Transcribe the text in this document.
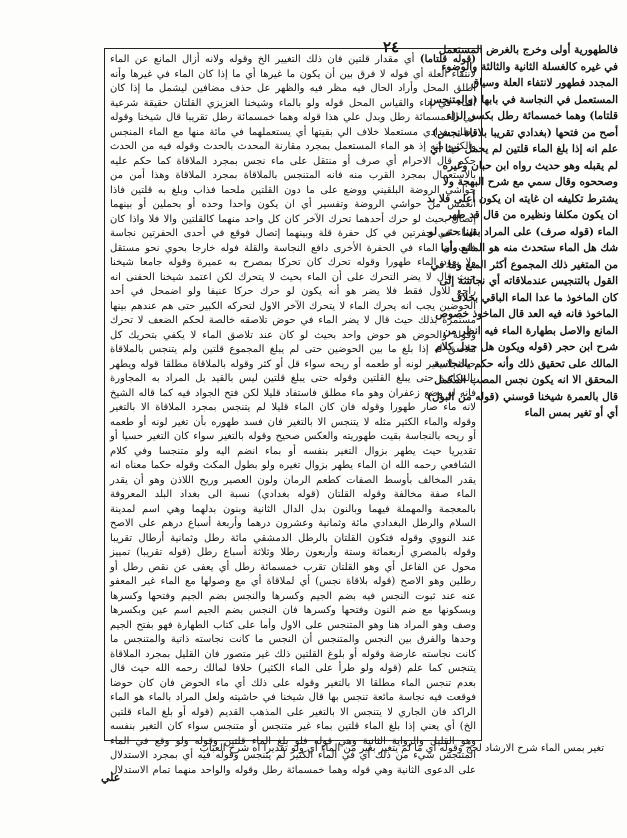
٢٤	فالطهورية أولى وخرج بالغرض المستعمل في غيره كالغسلة الثانية والثالثة والوضوء المجدد فطهور لانتفاء العلة وسياق المستعمل في النجاسة في بابها (والمتنجس قلتاما) وهما خمسمائة رطل بكسر الراء أصح من فتحها (بغدادي تقريبا بلاقاة نجس) علم انه إذا بلغ الماء قلتين لم يحمل خبثا أي لم يقبله وهو حديث رواه ابن حبان وغيره وصححوه وقال سمي مع شرح البهجة ولا يشترط تكليفه ان غايته ان يكون أعلى فلا بد ان يكون مكلفا ونظيره من قال قد طهر الماء (قوله صرف) على المراد بقينا حتى لو شك هل الماء ستحدث منه هو المانع وأما من المتغير ذلك المجموع أكثر المنع وما في القول بالتنجيس عندملاقاته أي نجاسة إلى كان الماخوذ ما عدا الماء الباقي بخلاف الماخوذ فانه فيه العد قال الماخوذ خصوص المانع والاصل بطهارة الماء فيه انظر من شرح ابن حجر (قوله ويكون هل حمل كلام المالك على تحقيق ذلك وأنه حكم بالنجاسة المحقق الا انه يكون نجس المصب المكمل قال بالعمرة شيخنا قوسني (قوله من البول) أي أو تغير بمس الماء

(قوله قلتاما) أي مقدار قلتين فان ذلك التغيير الخ وقوله ولانه أزال المانع عن الماء لانتفاء العلة أي فوله لا فرق بين أن يكون ما غيرها أي ما إذا كان الماء في غيرها وأنه أطلق المحل وأراد الحال فيه مظر فيه والظهر عل حذف مضافين ليشمل ما إذا كان الماء في إناء والقياس المحل قوله ولو بالماء وشيخنا العزيزي القلتان حقيقة شرعية في الخمسمائة رطل وبدل علي هذا قوله وهما خمسمائة رطل تقريبا قال شيخنا وقوله رطل بغدادي مستعملا خلاف الي بقيتها أي يستعملهما في مائة منها مع الماء المنجس والكثير منه إذ هو الماء المستعمل بمجرد مقارنة المحدث بالحدث وقوله فيه من الحدث حكم قال الاحرام أي صرف أو منتقل على ماء نجس بمجرد الملاقاة كما حكم عليه بالاستعمال بمجرد القرب منه فانه المتنجس بالملاقاة بمجرد الملاقاة وهذا أمن من حواشي الروضة البلقيني ووضع على ما دون القلتين ملحما فذاب وبلغ به قلتين فاذا انغمس من حواشي الروضة وتفسير أي ان يكون واحدا وحده أو بحملين أو بينهما إتصال بحيث لو حرك أحدهما تحرك الآخر كان كل واحد منهما كالقلتين والا فلا واذا كان الماء في حفرتين في كل حفرة قلة وبينهما إتصال فوقع في أحدى الحفرتين نجاسة فلت أن الماء في الحفرة الأخرى دافع النجاسة والقلة فوله خارجا بحوي نحو مستقل ولا يعود الماء طهورا وقوله تحرك كان تحركا بمصرح به عميرة وقوله جامعا شيخنا حيث قال لا يضر التحرك على أن الماء بحيث لا يتحرك لكن اعتمد شيخنا الحفنى انه راجع للاول فقط فلا يضر هو أنه يكون لو حرك حركا عنيفا ولو اضمحل في أحد الحوضين يجب انه يحرك الماء لا يتحرك الآخر الاول لتحركه الكبير حتى هم عندهم بينها مستمرة بذلك حيث قال لا يضر الماء في حوض تلاصقه خالصة لحكم الضعف لا تحرك وقوله والحوض هو حوض واحد بحيث لو كان عند تلاصق الماء لا يكفي بتحريك كل ملاصق له إذا بلغ ما بين الحوضين حتى لم يبلغ المجموع قلتين ولم يتنجس بالملاقاة حيث لا يغير لونه أو طعمه أو ريحه سواء قل أو كثر وقوله بالملاقاة مطلقا قوله ويطهر بالمكاثرة حتى يبلغ القلتين وقوله حتى يبلغ قلتين ليس بالقيد بل المراد به المجاورة فانه لو وضع زعفران وهو ماء مطلق فاستفاد قليلا لكن فتح الجواد فيه كما قاله الشيخ لانه ماء صار طهورا وقوله فان كان الماء قليلا لم يتنجس بمجرد الملاقاة الا بالتغير وقوله والماء الكثير مثله لا يتنجس الا بالتغير فان فسد طهوره بأن تغير لونه أو طعمه أو ريحه بالنجاسة بقيت طهوريته والعكس صحيح وقوله بالتغير سواء كان التغير حسيا أو تقديريا حيث يطهر بزوال التغير بنفسه أو بماء انضم اليه ولو متنجسا وفي كلام الشافعي رحمه الله ان الماء يطهر بزوال تغيره ولو بطول المكث وقوله حكما معناه انه يقدر المخالف بأوسط الصفات كطعم الرمان ولون العصير وريح اللاذن وهو أن يقدر الماء صفة مخالفة وقوله القلتان (قوله بغدادي) نسبة الى بغداد البلد المعروفة بالمعجمة والمهملة فيهما وبالنون بدل الدال الثانية وبنون بدلهما وهي اسم لمدينة السلام والرطل البغدادي مائة وثمانية وعشرون درهما وأربعة أسباع درهم على الاصح عند النووي وقوله فتكون القلتان بالرطل الدمشقي مائة رطل وثمانية أرطال تقريبا وقوله بالمصري أربعمائة وستة وأربعون رطلا وثلاثة أسباع رطل (قوله تقريبا) تمييز محول عن الفاعل أي وهو القلتان تقرب خمسمائة رطل أي يعفى عن نقص رطل أو رطلين وهو الاصح (قوله بلاقاة نجس) أي لملاقاة أي مع وصولها مع الماء غير المعفو عنه عند ثبوت النجس فيه بضم الجيم وكسرها والنجس بضم الجيم وفتحها وكسرها وبسكونها مع ضم النون وفتحها وكسرها فان النجس بضم الجيم اسم عين وبكسرها وصف وهو المراد هنا وهو المتنجس على الاول وأما على كتاب الطهارة فهو بفتح الجيم وحدها والفرق بين النجس والمتنجس أن النجس ما كانت نجاسته ذاتية والمتنجس ما كانت نجاسته عارضة وقوله أو بلوغ القلتين ذلك غير متصور فان القليل بمجرد الملاقاة يتنجس كما علم (قوله ولو طرأ على الماء الكثير) حلافا لمالك رحمه الله حيث قال بعدم تنجس الماء مطلقا الا بالتغير وقوله على ذلك أي ماء الحوض فان كان حوضا فوقعت فيه نجاسة مائعة تنجس بها قال شيخنا في حاشيته ولعل المراد بالماء هو الماء الراكد فان الجاري لا يتنجس الا بالتغير على المذهب القديم (قوله أو بلغ الماء قلتين الخ) أي يعني إذا بلغ الماء قلتين بماء غير متنجس أو متنجس سواء كان التغير بنفسه وهو القليل والرواية الثانية وهي قوله فلو بلغ الماء قلتين وقوله ولو وقع في الماء المتنجس شيء من ذلك أي في الماء الكثير لم يتنجس وقوله فيه أي بمجرد الاستدلال على الدعوى الثانية وهي قوله وهما خمسمائة رطل وقوله والواحد منهما تمام الاستدلال

تغير بمس الماء شرح الارشاد لحج وقوله أي ما لم يتغير بغير من الماء أي ولو تقديرا اه شرح العباب
علي
